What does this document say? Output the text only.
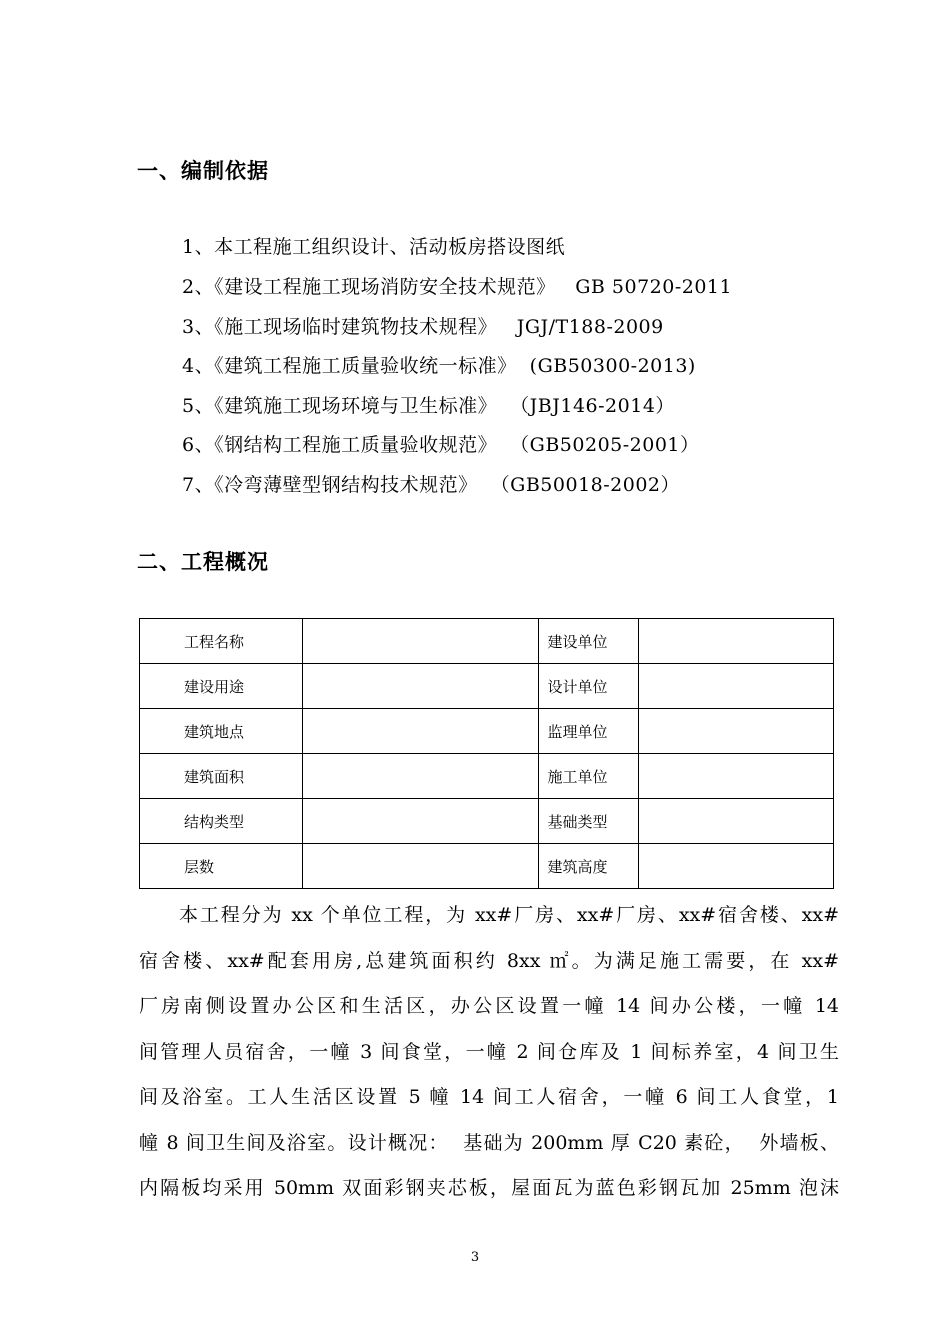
一、编制依据
1、本工程施工组织设计、活动板房搭设图纸
2、《建设工程施工现场消防安全技术规范》   GB 50720-2011
3、《施工现场临时建筑物技术规程》   JGJ/T188-2009
4、《建筑工程施工质量验收统一标准》  (GB50300-2013)
5、《建筑施工现场环境与卫生标准》  （JBJ146-2014）
6、《钢结构工程施工质量验收规范》  （GB50205-2001）
7、《冷弯薄壁型钢结构技术规范》  （GB50018-2002）
二、工程概况
工程名称		建设单位	
建设用途		设计单位	
建筑地点		监理单位	
建筑面积		施工单位	
结构类型		基础类型	
层数		建筑高度	
本工程分为 xx 个单位工程，为 xx#厂房、xx#厂房、xx#宿舍楼、xx#
宿舍楼、xx#配套用房,总建筑面积约 8xx ㎡。为满足施工需要，在 xx#
厂房南侧设置办公区和生活区，办公区设置一幢 14 间办公楼，一幢 14
间管理人员宿舍，一幢 3 间食堂，一幢 2 间仓库及 1 间标养室，4 间卫生
间及浴室。工人生活区设置 5 幢 14 间工人宿舍，一幢 6 间工人食堂，1
幢 8 间卫生间及浴室。设计概况：  基础为 200mm 厚 C20 素砼，  外墙板、
内隔板均采用 50mm 双面彩钢夹芯板，屋面瓦为蓝色彩钢瓦加 25mm 泡沫
3
